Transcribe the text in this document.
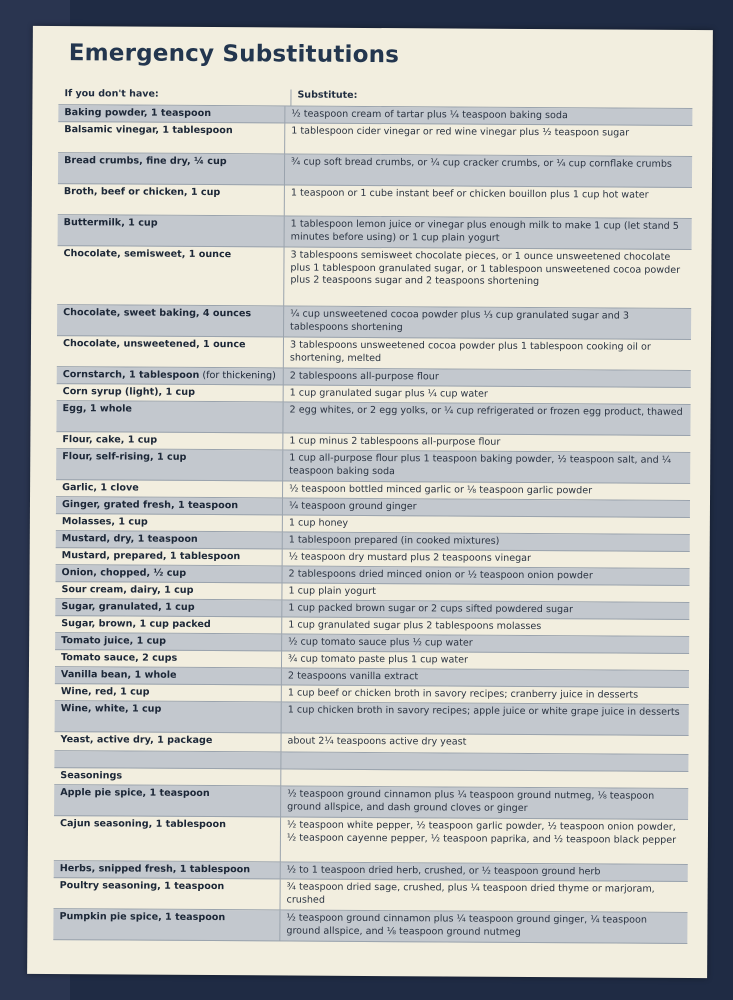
Emergency Substitutions
If you don't have:	Substitute:
Baking powder, 1 teaspoon	½ teaspoon cream of tartar plus ¼ teaspoon baking soda
Balsamic vinegar, 1 tablespoon	1 tablespoon cider vinegar or red wine vinegar plus ½ teaspoon sugar
Bread crumbs, fine dry, ¼ cup	¾ cup soft bread crumbs, or ¼ cup cracker crumbs, or ¼ cup cornflake crumbs
Broth, beef or chicken, 1 cup	1 teaspoon or 1 cube instant beef or chicken bouillon plus 1 cup hot water
Buttermilk, 1 cup	1 tablespoon lemon juice or vinegar plus enough milk to make 1 cup (let stand 5 minutes before using) or 1 cup plain yogurt
Chocolate, semisweet, 1 ounce	3 tablespoons semisweet chocolate pieces, or 1 ounce unsweetened chocolate plus 1 tablespoon granulated sugar, or 1 tablespoon unsweetened cocoa powder plus 2 teaspoons sugar and 2 teaspoons shortening
Chocolate, sweet baking, 4 ounces	¼ cup unsweetened cocoa powder plus ⅓ cup granulated sugar and 3 tablespoons shortening
Chocolate, unsweetened, 1 ounce	3 tablespoons unsweetened cocoa powder plus 1 tablespoon cooking oil or shortening, melted
Cornstarch, 1 tablespoon (for thickening)	2 tablespoons all-purpose flour
Corn syrup (light), 1 cup	1 cup granulated sugar plus ¼ cup water
Egg, 1 whole	2 egg whites, or 2 egg yolks, or ¼ cup refrigerated or frozen egg product, thawed
Flour, cake, 1 cup	1 cup minus 2 tablespoons all-purpose flour
Flour, self-rising, 1 cup	1 cup all-purpose flour plus 1 teaspoon baking powder, ½ teaspoon salt, and ¼ teaspoon baking soda
Garlic, 1 clove	½ teaspoon bottled minced garlic or ⅛ teaspoon garlic powder
Ginger, grated fresh, 1 teaspoon	¼ teaspoon ground ginger
Molasses, 1 cup	1 cup honey
Mustard, dry, 1 teaspoon	1 tablespoon prepared (in cooked mixtures)
Mustard, prepared, 1 tablespoon	½ teaspoon dry mustard plus 2 teaspoons vinegar
Onion, chopped, ½ cup	2 tablespoons dried minced onion or ½ teaspoon onion powder
Sour cream, dairy, 1 cup	1 cup plain yogurt
Sugar, granulated, 1 cup	1 cup packed brown sugar or 2 cups sifted powdered sugar
Sugar, brown, 1 cup packed	1 cup granulated sugar plus 2 tablespoons molasses
Tomato juice, 1 cup	½ cup tomato sauce plus ½ cup water
Tomato sauce, 2 cups	¾ cup tomato paste plus 1 cup water
Vanilla bean, 1 whole	2 teaspoons vanilla extract
Wine, red, 1 cup	1 cup beef or chicken broth in savory recipes; cranberry juice in desserts
Wine, white, 1 cup	1 cup chicken broth in savory recipes; apple juice or white grape juice in desserts
Yeast, active dry, 1 package	about 2¼ teaspoons active dry yeast
Seasonings
Apple pie spice, 1 teaspoon	½ teaspoon ground cinnamon plus ¼ teaspoon ground nutmeg, ⅛ teaspoon ground allspice, and dash ground cloves or ginger
Cajun seasoning, 1 tablespoon	½ teaspoon white pepper, ½ teaspoon garlic powder, ½ teaspoon onion powder, ½ teaspoon cayenne pepper, ½ teaspoon paprika, and ½ teaspoon black pepper
Herbs, snipped fresh, 1 tablespoon	½ to 1 teaspoon dried herb, crushed, or ½ teaspoon ground herb
Poultry seasoning, 1 teaspoon	¾ teaspoon dried sage, crushed, plus ¼ teaspoon dried thyme or marjoram, crushed
Pumpkin pie spice, 1 teaspoon	½ teaspoon ground cinnamon plus ¼ teaspoon ground ginger, ¼ teaspoon ground allspice, and ⅛ teaspoon ground nutmeg
